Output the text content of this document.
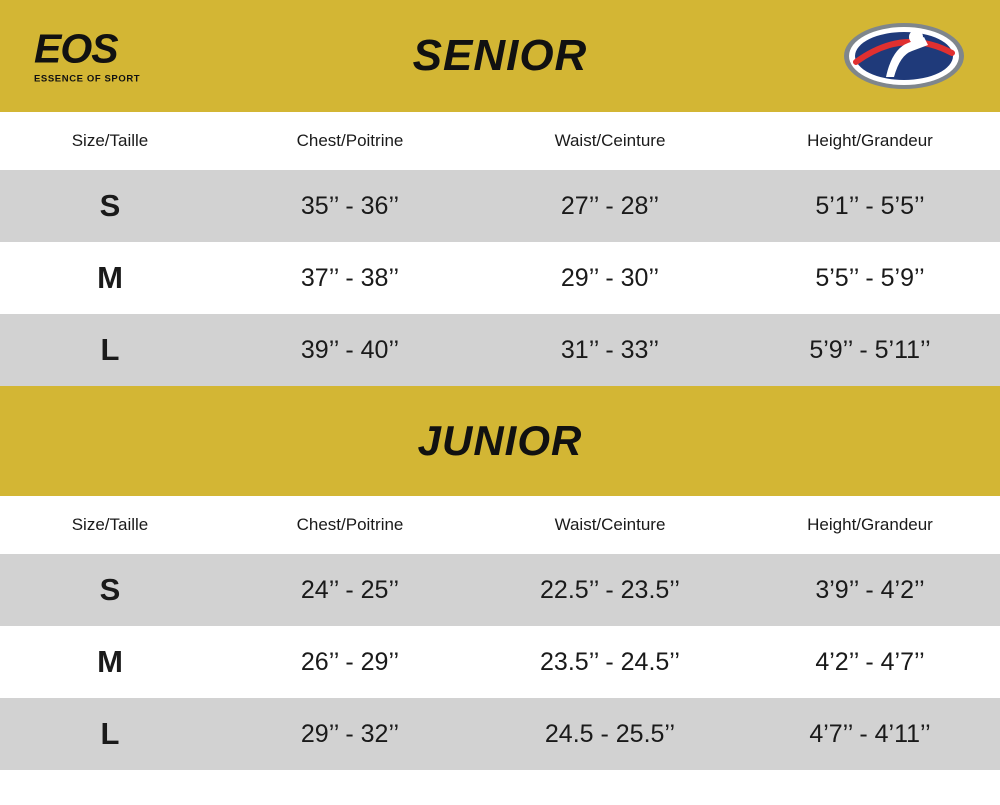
EOS
ESSENCE OF SPORT	SENIOR
Size/Taille	Chest/Poitrine	Waist/Ceinture	Height/Grandeur
S	35’’ - 36’’	27’’ - 28’’	5’1’’ - 5’5’’
M	37’’ - 38’’	29’’ - 30’’	5’5’’ - 5’9’’
L	39’’ - 40’’	31’’ - 33’’	5’9’’ - 5’11’’
JUNIOR
Size/Taille	Chest/Poitrine	Waist/Ceinture	Height/Grandeur
S	24’’ - 25’’	22.5’’ - 23.5’’	3’9’’ - 4’2’’
M	26’’ - 29’’	23.5’’ - 24.5’’	4’2’’ - 4’7’’
L	29’’ - 32’’	24.5 - 25.5’’	4’7’’ - 4’11’’
